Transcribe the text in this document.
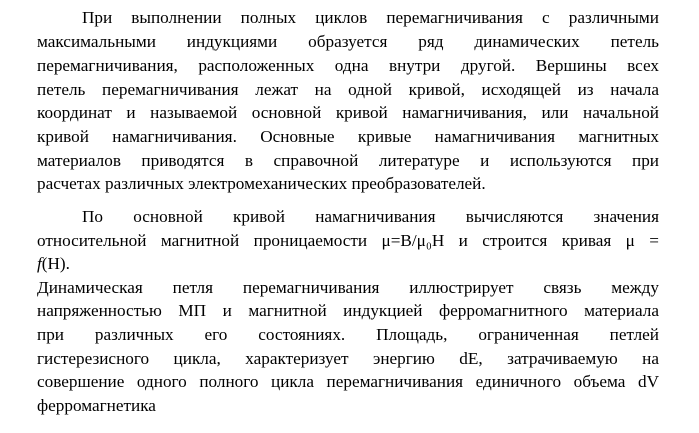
При выполнении полных циклов перемагничивания с различными
максимальными индукциями образуется ряд динамических петель
перемагничивания, расположенных одна внутри другой. Вершины всех
петель перемагничивания лежат на одной кривой, исходящей из начала
координат и называемой основной кривой намагничивания, или начальной
кривой намагничивания. Основные кривые намагничивания магнитных
материалов приводятся в справочной литературе и используются при
расчетах различных электромеханических преобразователей.
По основной кривой намагничивания вычисляются значения
относительной магнитной проницаемости μ=B/μ₀H и строится кривая μ =
f(H).
Динамическая петля перемагничивания иллюстрирует связь между
напряженностью МП и магнитной индукцией ферромагнитного материала
при различных его состояниях. Площадь, ограниченная петлей
гистерезисного цикла, характеризует энергию dE, затрачиваемую на
совершение одного полного цикла перемагничивания единичного объема dV
ферромагнетика
